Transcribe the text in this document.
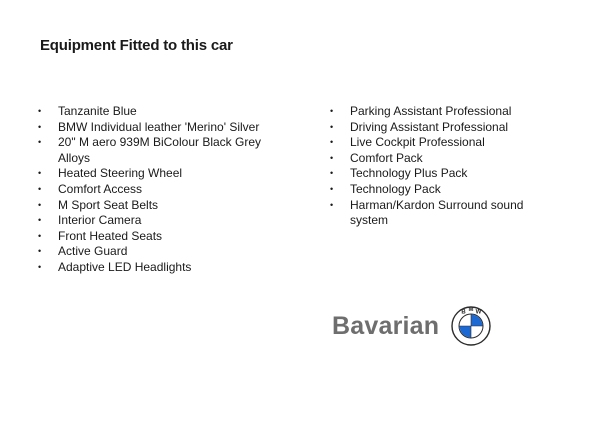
Equipment Fitted to this car
• Tanzanite Blue
• BMW Individual leather 'Merino' Silver
• 20" M aero 939M BiColour Black Grey Alloys
• Heated Steering Wheel
• Comfort Access
• M Sport Seat Belts
• Interior Camera
• Front Heated Seats
• Active Guard
• Adaptive LED Headlights
• Parking Assistant Professional
• Driving Assistant Professional
• Live Cockpit Professional
• Comfort Pack
• Technology Plus Pack
• Technology Pack
• Harman/Kardon Surround sound system
Bavarian	B M W
